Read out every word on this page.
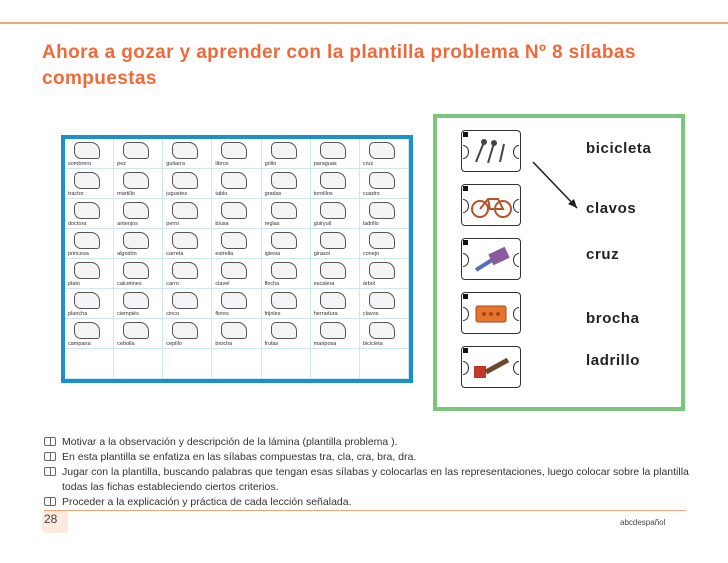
Ahora a gozar y aprender con la plantilla problema Nº 8 sílabas compuestas
sombrero	pez	guitarra	libros	grillo	paraguas	cruz
tractor	martillo	juguetes	tablo	gradas	tornillos	cuadro
doctora	anteojos	perro	blusa	reglas	güiryuil	ladrillo
princesa	algodón	carreta	estrella	iglesia	girasol	conejo
plato	calcetines	carro	clavel	flecha	escalera	árbol
plancha	ciempiés	cinco	flores	frijoles	herradura	clavos
campana	cebolla	cepillo	brocha	frutas	mariposa	bicicleta
bicicleta
clavos
cruz
brocha
ladrillo
Motivar a la observación y descripción de la lámina (plantilla problema ).
En esta plantilla se enfatiza en las sílabas compuestas tra, cla, cra, bra, dra.
Jugar con la plantilla, buscando palabras que tengan esas sílabas y colocarlas en las representaciones, luego colocar sobre la plantilla todas las fichas estableciendo ciertos criterios.
Proceder a la explicación y práctica de cada lección señalada.
28	abcdespañol
